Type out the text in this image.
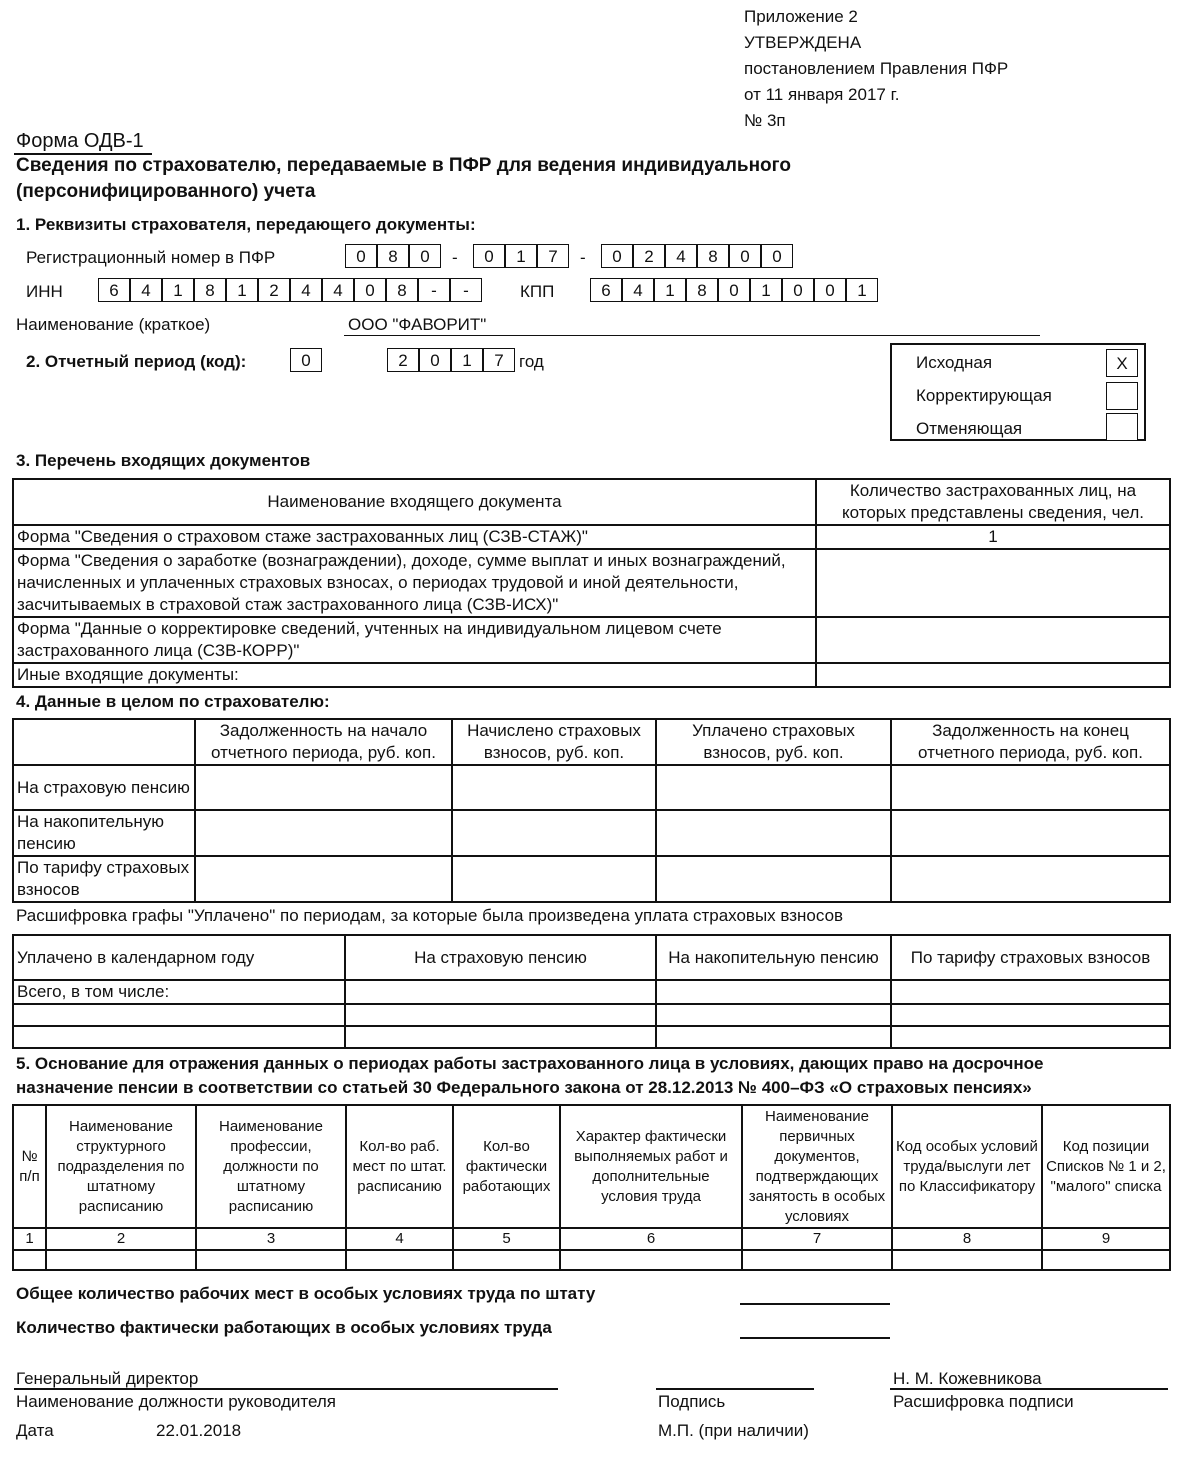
Приложение 2
УТВЕРЖДЕНА
постановлением Правления ПФР
от 11 января 2017 г.
№ 3п
Форма ОДВ-1
Сведения по страхователю, передаваемые в ПФР для ведения индивидуального
(персонифицированного) учета
1. Реквизиты страхователя, передающего документы:
Регистрационный номер в ПФР	0	8	0	-	0	1	7	-	0	2	4	8	0	0
ИНН	6	4	1	8	1	2	4	4	0	8	-	-	КПП	6	4	1	8	0	1	0	0	1
Наименование (краткое)	ООО "ФАВОРИТ"
2. Отчетный период (код):	0	2	0	1	7 год	Исходная	X
Корректирующая
Отменяющая
3. Перечень входящих документов
Наименование входящего документа	Количество застрахованных лиц, на которых представлены сведения, чел.
Форма "Сведения о страховом стаже застрахованных лиц (СЗВ-СТАЖ)"	1
Форма "Сведения о заработке (вознаграждении), доходе, сумме выплат и иных вознаграждений, начисленных и уплаченных страховых взносах, о периодах трудовой и иной деятельности, засчитываемых в страховой стаж застрахованного лица (СЗВ-ИСХ)"	
Форма "Данные о корректировке сведений, учтенных на индивидуальном лицевом счете застрахованного лица (СЗВ-КОРР)"	
Иные входящие документы:	
4. Данные в целом по страхователю:
	Задолженность на начало отчетного периода, руб. коп.	Начислено страховых взносов, руб. коп.	Уплачено страховых взносов, руб. коп.	Задолженность на конец отчетного периода, руб. коп.
На страховую пенсию				
На накопительную пенсию				
По тарифу страховых взносов				
Расшифровка графы "Уплачено" по периодам, за которые была произведена уплата страховых взносов
Уплачено в календарном году	На страховую пенсию	На накопительную пенсию	По тарифу страховых взносов
Всего, в том числе:			

5. Основание для отражения данных о периодах работы застрахованного лица в условиях, дающих право на досрочное
назначение пенсии в соответствии со статьей 30 Федерального закона от 28.12.2013 № 400–ФЗ «О страховых пенсиях»
№ п/п	Наименование структурного подразделения по штатному расписанию	Наименование профессии, должности по штатному расписанию	Кол-во раб. мест по штат. расписанию	Кол-во фактически работающих	Характер фактически выполняемых работ и дополнительные условия труда	Наименование первичных документов, подтверждающих занятость в особых условиях	Код особых условий труда/выслуги лет по Классификатору	Код позиции Списков № 1 и 2, "малого" списка
1	2	3	4	5	6	7	8	9

Общее количество рабочих мест в особых условиях труда по штату
Количество фактически работающих в особых условиях труда
Генеральный директор
Наименование должности руководителя	Подпись
Н. М. Кожевникова
Расшифровка подписи
Дата	22.01.2018	М.П. (при наличии)
